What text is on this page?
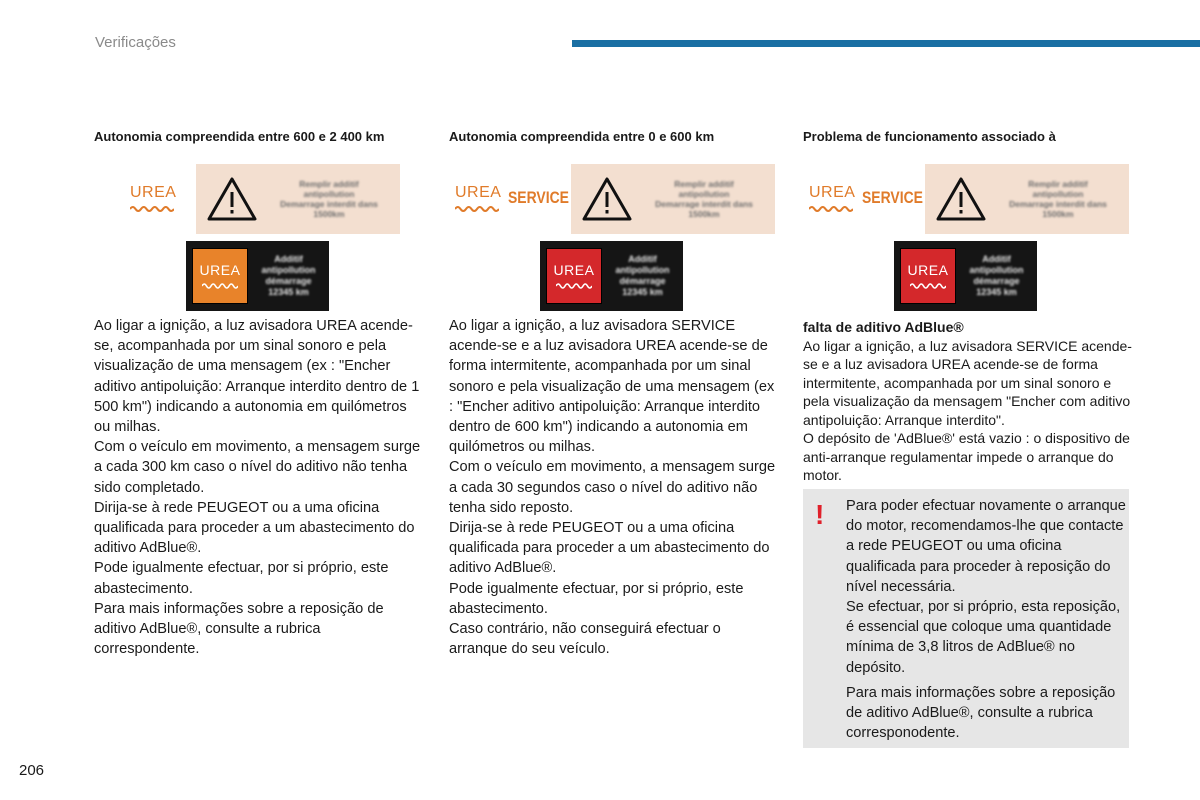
Verificações
Autonomia compreendida entre 600 e 2 400 km
UREA	Remplir additif
antipollution
Demarrage interdit dans
1500km
UREA
Additif
antipollution
démarrage
12345 km
Ao ligar a ignição, a luz avisadora UREA acende-se, acompanhada por um sinal sonoro e pela visualização de uma mensagem (ex : "Encher aditivo antipoluição: Arranque interdito dentro de 1 500 km") indicando a autonomia em quilómetros ou milhas.
Com o veículo em movimento, a mensagem surge a cada 300 km caso o nível do aditivo não tenha sido completado.
Dirija-se à rede PEUGEOT ou a uma oficina qualificada para proceder a um abastecimento do aditivo AdBlue®.
Pode igualmente efectuar, por si próprio, este abastecimento.
Para mais informações sobre a reposição de aditivo AdBlue®, consulte a rubrica correspondente.
Autonomia compreendida entre 0 e 600 km
UREA SERVICE
Remplir additif
antipollution
Demarrage interdit dans
1500km
UREA
Additif
antipollution
démarrage
12345 km
Ao ligar a ignição, a luz avisadora SERVICE acende-se e a luz avisadora UREA acende-se de forma intermitente, acompanhada por um sinal sonoro e pela visualização de uma mensagem (ex : "Encher aditivo antipoluição: Arranque interdito dentro de 600 km") indicando a autonomia em quilómetros ou milhas.
Com o veículo em movimento, a mensagem surge a cada 30 segundos caso o nível do aditivo não tenha sido reposto.
Dirija-se à rede PEUGEOT ou a uma oficina qualificada para proceder a um abastecimento do aditivo AdBlue®.
Pode igualmente efectuar, por si próprio, este abastecimento.
Caso contrário, não conseguirá efectuar o arranque do seu veículo.
Problema de funcionamento associado à
UREA SERVICE
Remplir additif
antipollution
Demarrage interdit dans
1500km
UREA
Additif
antipollution
démarrage
12345 km
falta de aditivo AdBlue®
Ao ligar a ignição, a luz avisadora SERVICE acende-se e a luz avisadora UREA acende-se de forma intermitente, acompanhada por um sinal sonoro e pela visualização da mensagem "Encher com aditivo antipoluição: Arranque interdito".
O depósito de 'AdBlue®' está vazio : o dispositivo de anti-arranque regulamentar impede o arranque do motor.
! Para poder efectuar novamente o arranque do motor, recomendamos-lhe que contacte a rede PEUGEOT ou uma oficina qualificada para proceder à reposição do nível necessária.
Se efectuar, por si próprio, esta reposição, é essencial que coloque uma quantidade mínima de 3,8 litros de AdBlue® no depósito.
Para mais informações sobre a reposição de aditivo AdBlue®, consulte a rubrica corresponodente.
206
